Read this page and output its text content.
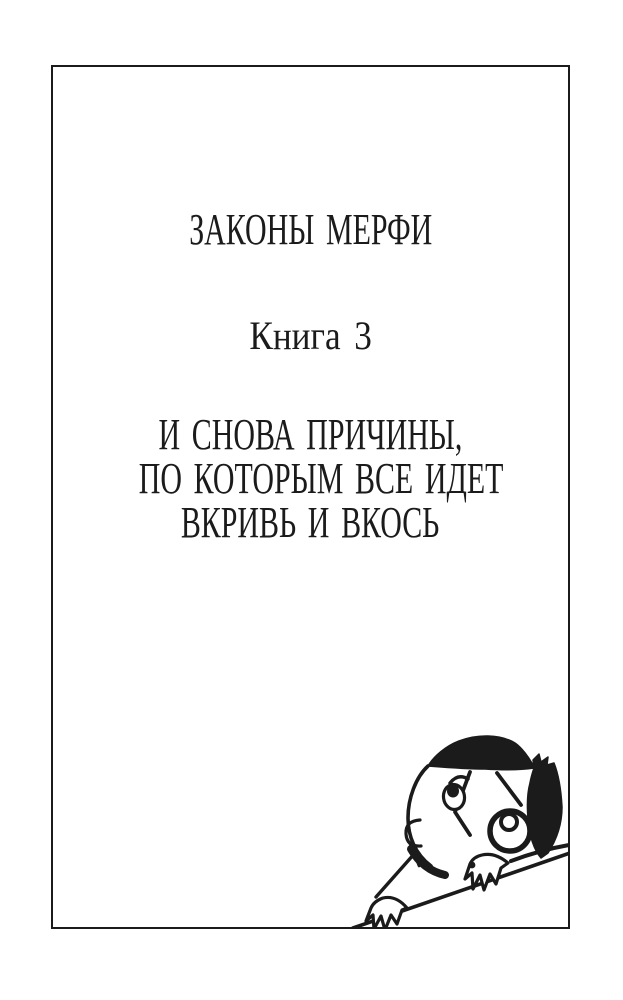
ЗАКОНЫ МЕРФИ
Книга 3
И СНОВА ПРИЧИНЫ,
ПО КОТОРЫМ ВСЕ ИДЕТ
ВКРИВЬ И ВКОСЬ
